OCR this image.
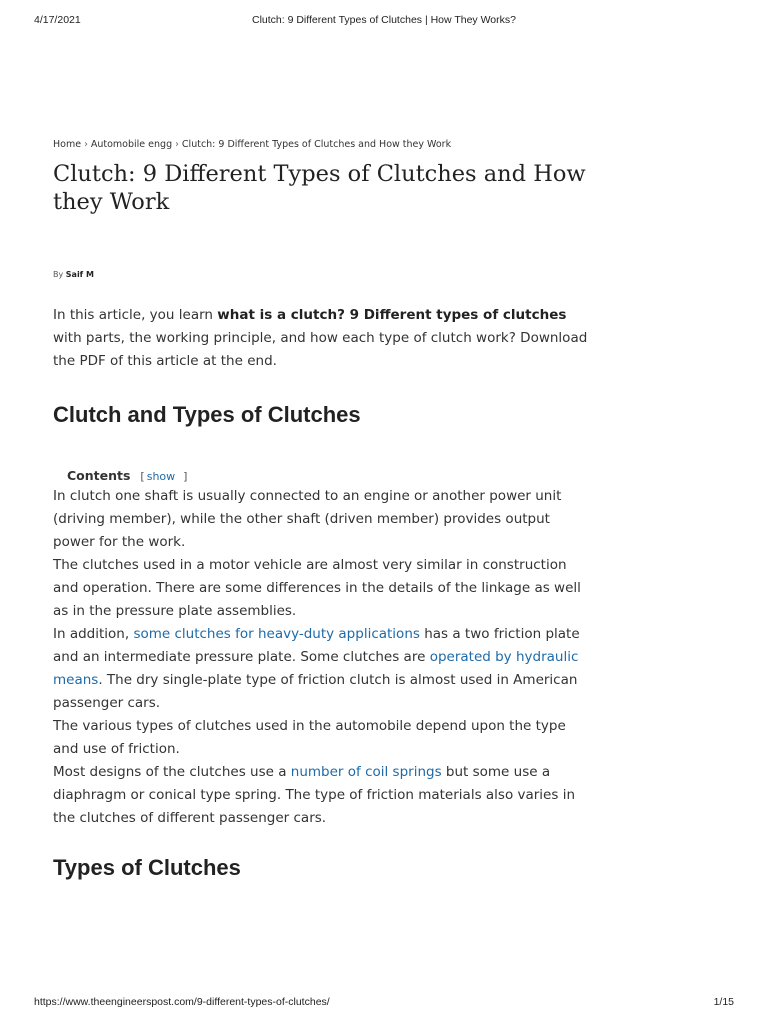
4/17/2021	Clutch: 9 Different Types of Clutches | How They Works?
Home › Automobile engg › Clutch: 9 Different Types of Clutches and How they Work
Clutch: 9 Different Types of Clutches and How they Work
By Saif M

In this article, you learn what is a clutch? 9 Different types of clutches with parts, the working principle, and how each type of clutch work? Download the PDF of this article at the end.

Clutch and Types of Clutches
Contents [ show ]

In clutch one shaft is usually connected to an engine or another power unit (driving member), while the other shaft (driven member) provides output power for the work.

The clutches used in a motor vehicle are almost very similar in construction and operation. There are some differences in the details of the linkage as well as in the pressure plate assemblies.

In addition, some clutches for heavy-duty applications has a two friction plate and an intermediate pressure plate. Some clutches are operated by hydraulic means. The dry single-plate type of friction clutch is almost used in American passenger cars.

The various types of clutches used in the automobile depend upon the type and use of friction.

Most designs of the clutches use a number of coil springs but some use a diaphragm or conical type spring. The type of friction materials also varies in the clutches of different passenger cars.

Types of Clutches
https://www.theengineerspost.com/9-different-types-of-clutches/	1/15
